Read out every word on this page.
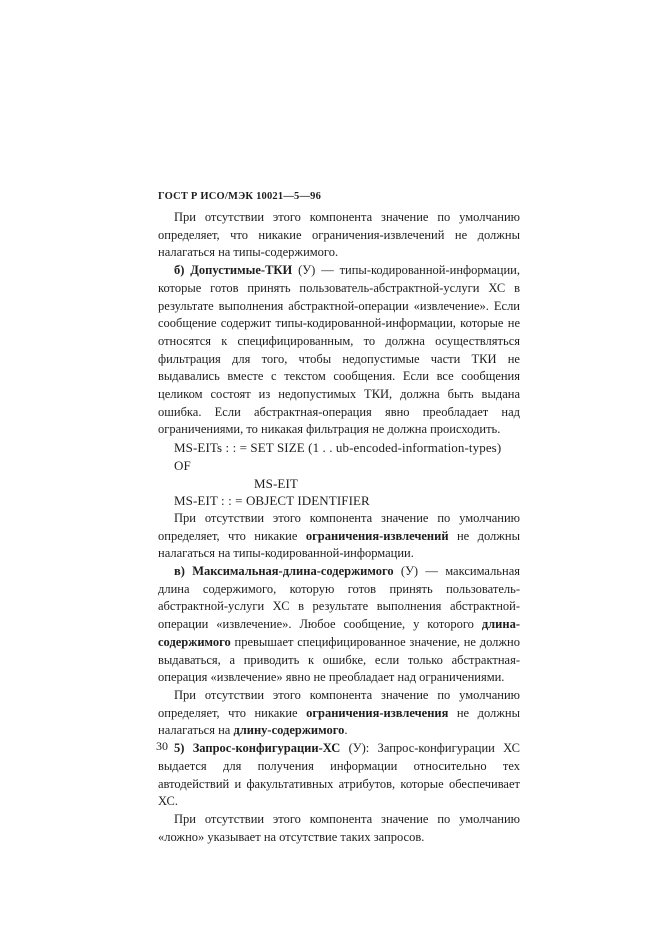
ГОСТ Р ИСО/МЭК 10021—5—96

При отсутствии этого компонента значение по умолчанию определяет, что никакие ограничения-извлечений не должны налагаться на типы-содержимого.

б) Допустимые-ТКИ (У) — типы-кодированной-информации, которые готов принять пользователь-абстрактной-услуги ХС в результате выполнения абстрактной-операции «извлечение». Если сообщение содержит типы-кодированной-информации, которые не относятся к специфицированным, то должна осуществляться фильтрация для того, чтобы недопустимые части ТКИ не выдавались вместе с текстом сообщения. Если все сообщения целиком состоят из недопустимых ТКИ, должна быть выдана ошибка. Если абстрактная-операция явно преобладает над ограничениями, то никакая фильтрация не должна происходить.

MS-EITs : : = SET SIZE (1 . . ub-encoded-information-types) OF
MS-EIT
MS-EIT : : = OBJECT IDENTIFIER

При отсутствии этого компонента значение по умолчанию определяет, что никакие ограничения-извлечений не должны налагаться на типы-кодированной-информации.

в) Максимальная-длина-содержимого (У) — максимальная длина содержимого, которую готов принять пользователь-абстрактной-услуги ХС в результате выполнения абстрактной-операции «извлечение». Любое сообщение, у которого длина-содержимого превышает специфицированное значение, не должно выдаваться, а приводить к ошибке, если только абстрактная-операция «извлечение» явно не преобладает над ограничениями.

При отсутствии этого компонента значение по умолчанию определяет, что никакие ограничения-извлечения не должны налагаться на длину-содержимого.

5) Запрос-конфигурации-ХС (У): Запрос-конфигурации ХС выдается для получения информации относительно тех автодействий и факультативных атрибутов, которые обеспечивает ХС.

При отсутствии этого компонента значение по умолчанию «ложно» указывает на отсутствие таких запросов.

30
